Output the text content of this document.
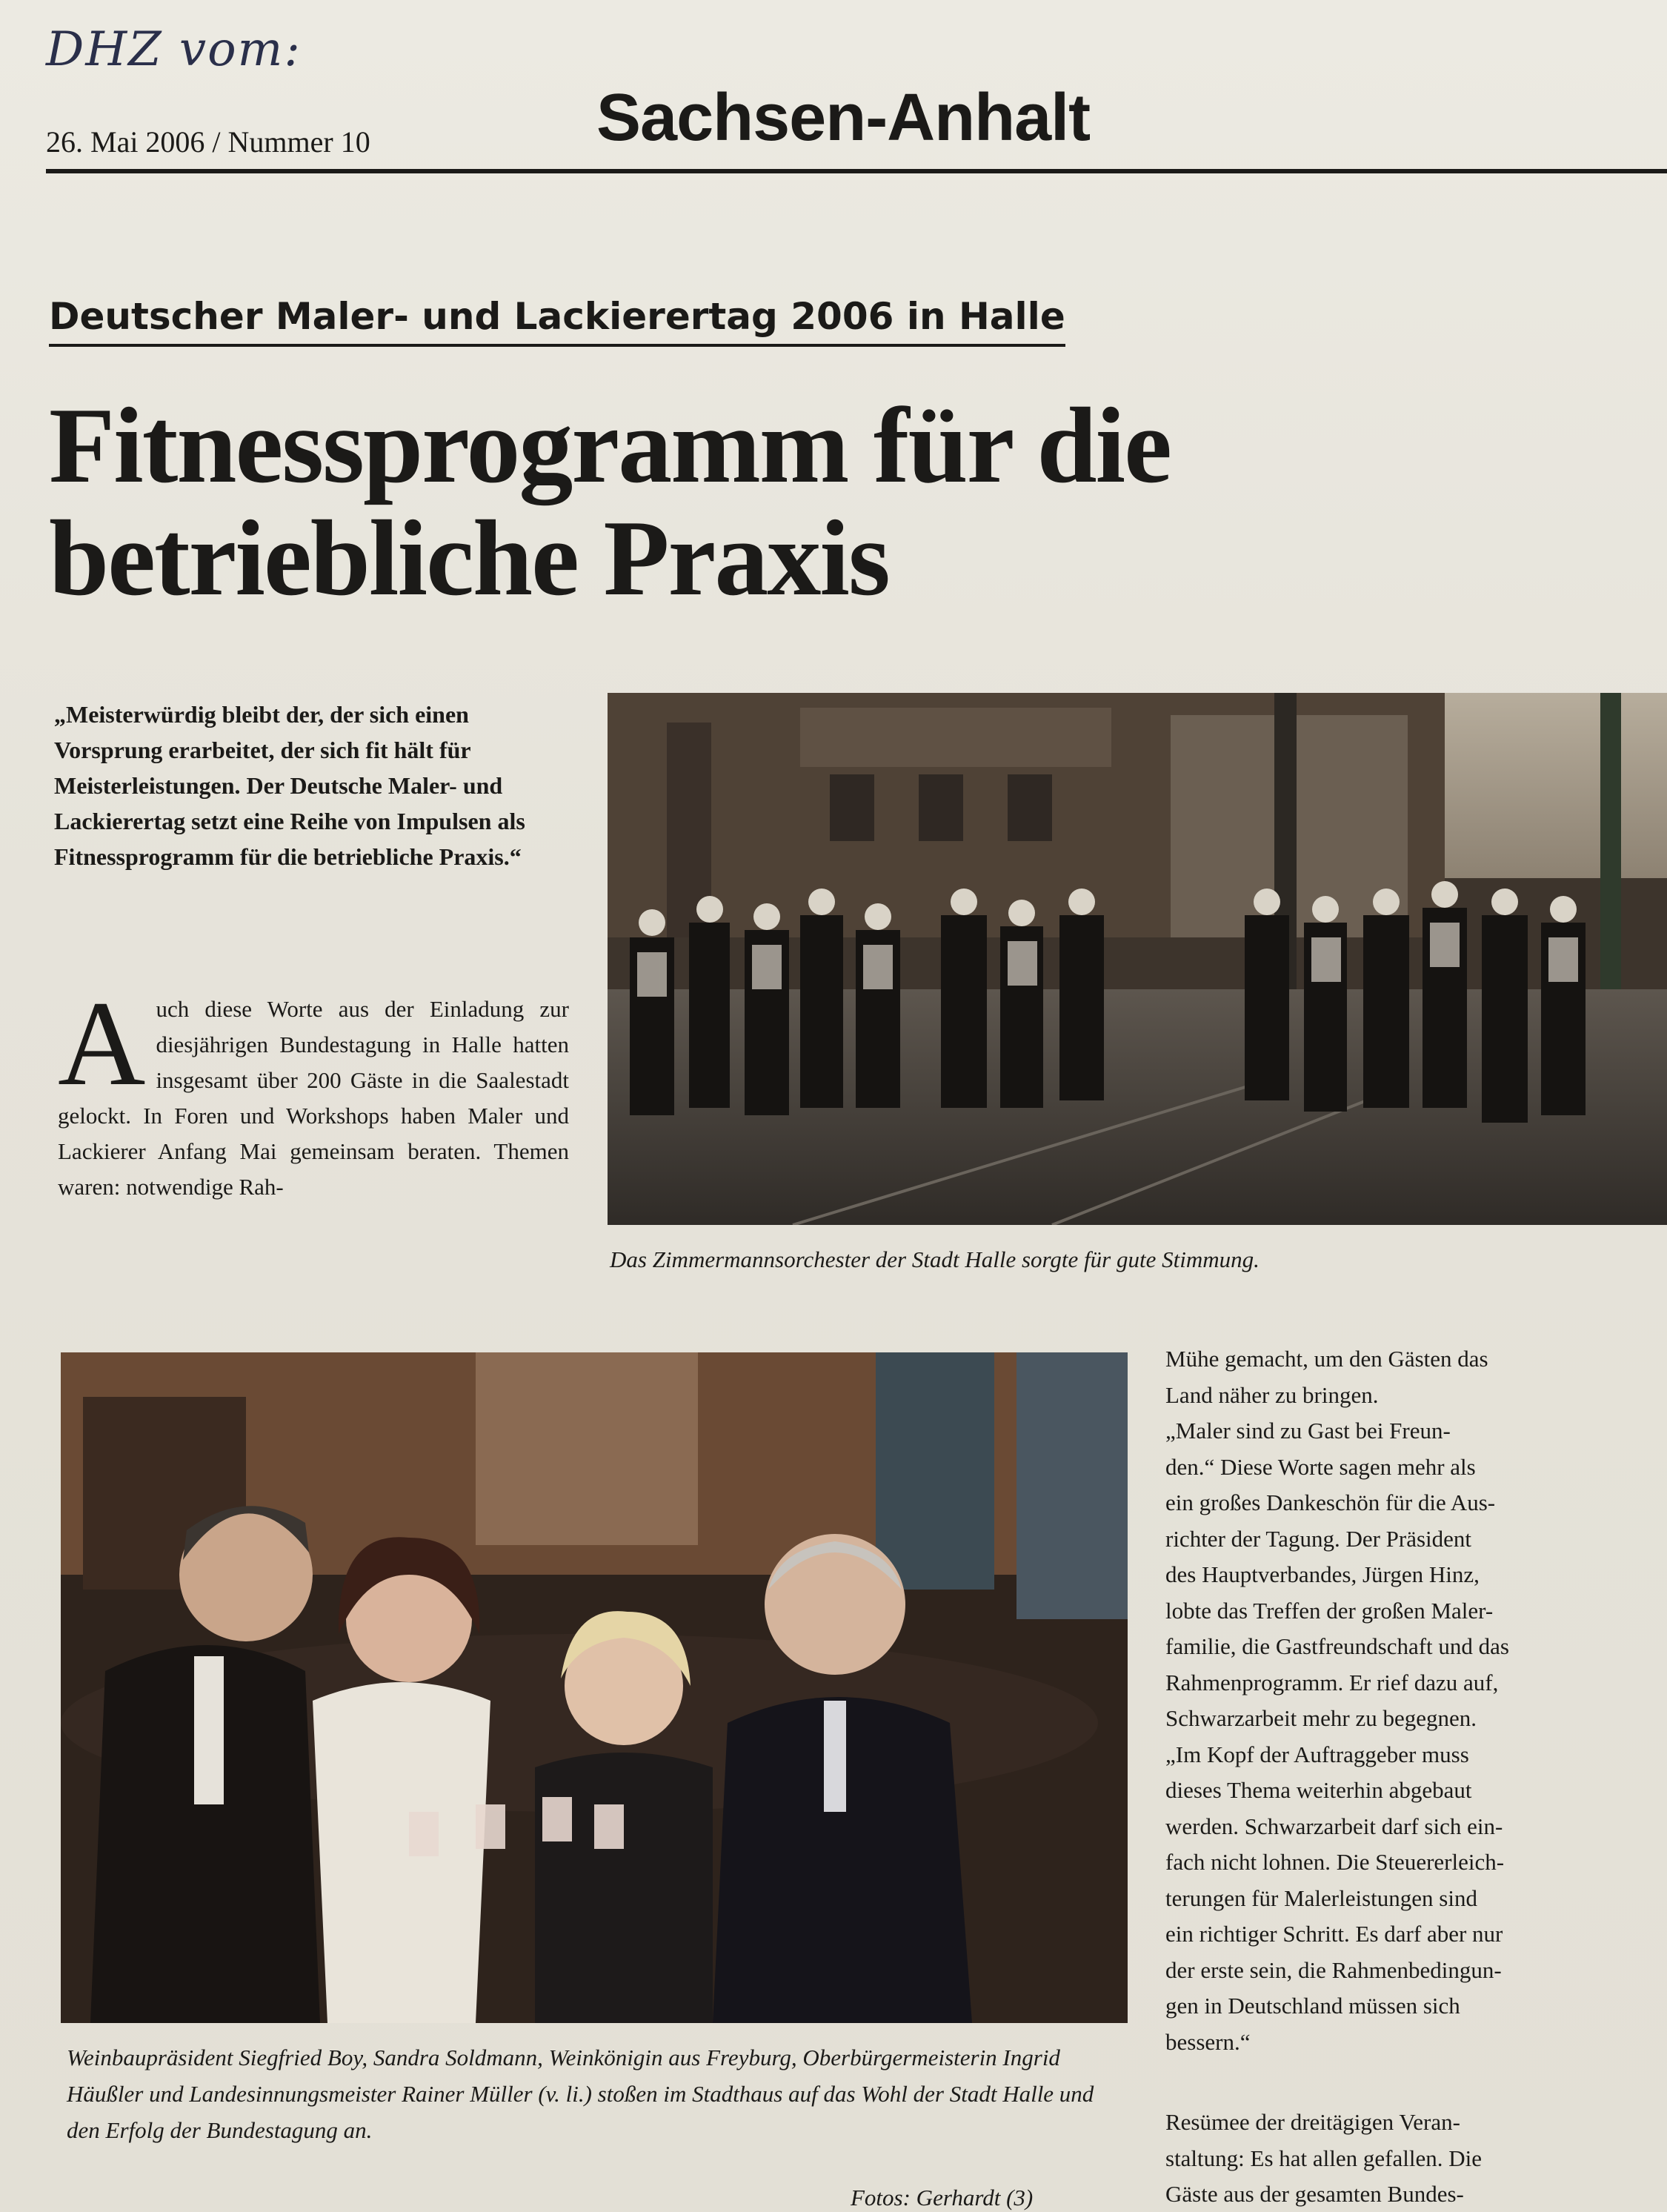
DHZ vom:
26. Mai 2006 / Nummer 10	Sachsen-Anhalt
Deutscher Maler- und Lackierertag 2006 in Halle
Fitnessprogramm für die
betriebliche Praxis
„Meisterwürdig bleibt der, der sich einen Vorsprung erarbeitet, der sich fit hält für Meisterleistungen. Der Deutsche Maler- und Lackierertag setzt eine Reihe von Impulsen als Fitnessprogramm für die betriebliche Praxis.“
Auch diese Worte aus der Einladung zur diesjährigen Bundestagung in Halle hatten insgesamt über 200 Gäste in die Saalestadt gelockt. In Foren und Workshops haben Maler und Lackierer Anfang Mai gemeinsam beraten. Themen waren: notwendige Rah-
Das Zimmermannsorchester der Stadt Halle sorgte für gute Stimmung.
Weinbaupräsident Siegfried Boy, Sandra Soldmann, Weinkönigin aus Freyburg, Oberbürgermeisterin Ingrid Häußler und Landesinnungsmeister Rainer Müller (v. li.) stoßen im Stadthaus auf das Wohl der Stadt Halle und den Erfolg der Bundestagung an.
Fotos: Gerhardt (3)
Mühe gemacht, um den Gästen das
Land näher zu bringen.
„Maler sind zu Gast bei Freun-
den.“ Diese Worte sagen mehr als
ein großes Dankeschön für die Aus-
richter der Tagung. Der Präsident
des Hauptverbandes, Jürgen Hinz,
lobte das Treffen der großen Maler-
familie, die Gastfreundschaft und das
Rahmenprogramm. Er rief dazu auf,
Schwarzarbeit mehr zu begegnen.
„Im Kopf der Auftraggeber muss
dieses Thema weiterhin abgebaut
werden. Schwarzarbeit darf sich ein-
fach nicht lohnen. Die Steuererleich-
terungen für Malerleistungen sind
ein richtiger Schritt. Es darf aber nur
der erste sein, die Rahmenbedingun-
gen in Deutschland müssen sich
bessern.“
Resümee der dreitägigen Veran-
staltung: Es hat allen gefallen. Die
Gäste aus der gesamten Bundes-
